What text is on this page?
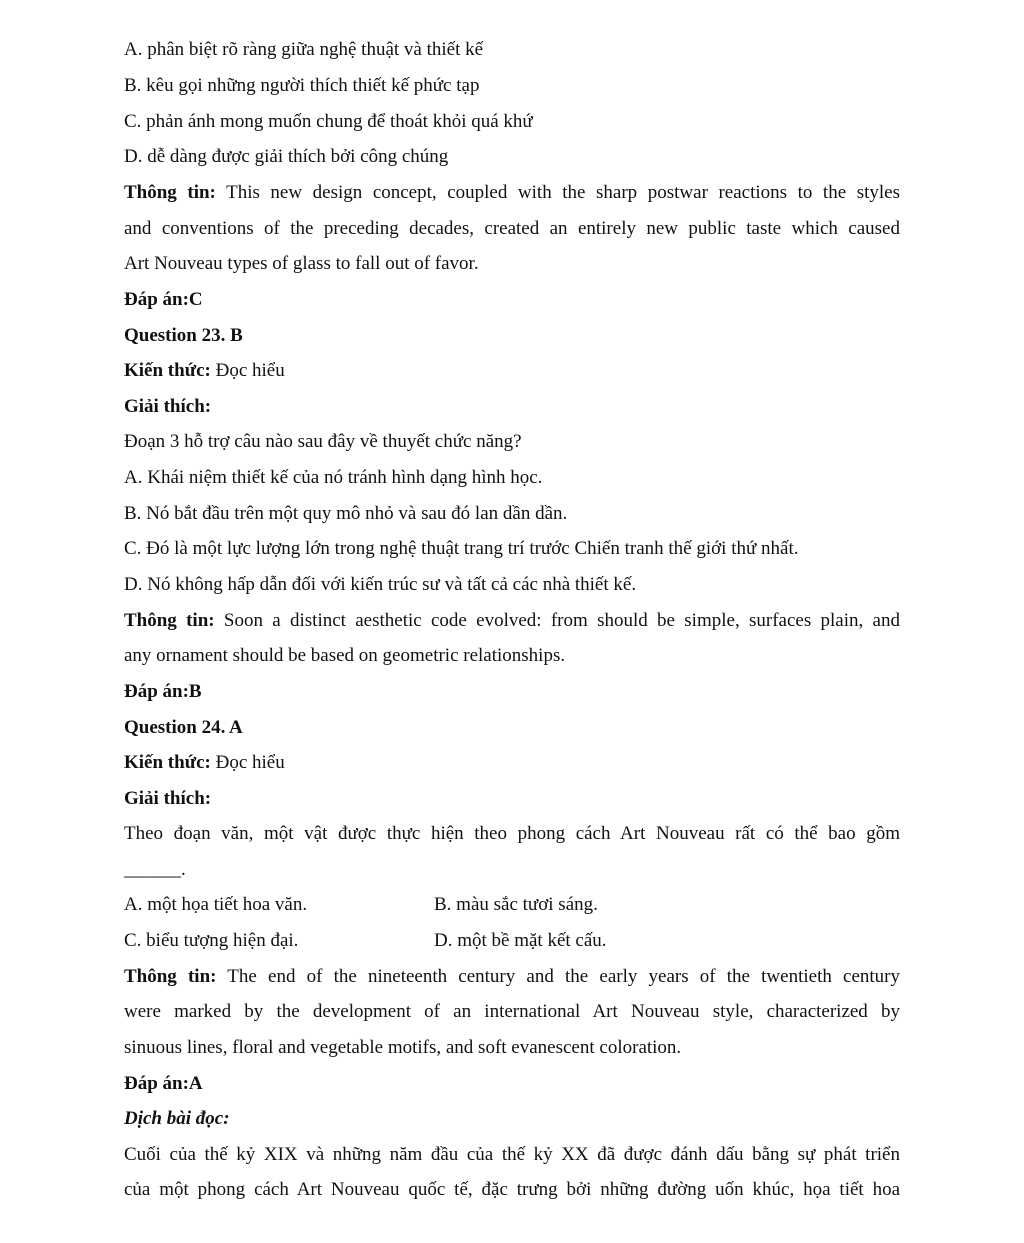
A. phân biệt rõ ràng giữa nghệ thuật và thiết kế
B. kêu gọi những người thích thiết kế phức tạp
C. phản ánh mong muốn chung để thoát khỏi quá khứ
D. dễ dàng được giải thích bởi công chúng
Thông tin: This new design concept, coupled with the sharp postwar reactions to the styles
and conventions of the preceding decades, created an entirely new public taste which caused
Art Nouveau types of glass to fall out of favor.
Đáp án:C
Question 23. B
Kiến thức: Đọc hiểu
Giải thích:
Đoạn 3 hỗ trợ câu nào sau đây về thuyết chức năng?
A. Khái niệm thiết kế của nó tránh hình dạng hình học.
B. Nó bắt đầu trên một quy mô nhỏ và sau đó lan dần dần.
C. Đó là một lực lượng lớn trong nghệ thuật trang trí trước Chiến tranh thế giới thứ nhất.
D. Nó không hấp dẫn đối với kiến trúc sư và tất cả các nhà thiết kế.
Thông tin: Soon a distinct aesthetic code evolved: from should be simple, surfaces plain, and
any ornament should be based on geometric relationships.
Đáp án:B
Question 24. A
Kiến thức: Đọc hiểu
Giải thích:
Theo đoạn văn, một vật được thực hiện theo phong cách Art Nouveau rất có thể bao gồm
______.
A. một họa tiết hoa văn.	B. màu sắc tươi sáng.
C. biểu tượng hiện đại.	D. một bề mặt kết cấu.
Thông tin: The end of the nineteenth century and the early years of the twentieth century
were marked by the development of an international Art Nouveau style, characterized by
sinuous lines, floral and vegetable motifs, and soft evanescent coloration.
Đáp án:A
Dịch bài đọc:
Cuối của thế kỷ XIX và những năm đầu của thế kỷ XX đã được đánh dấu bằng sự phát triển
của một phong cách Art Nouveau quốc tế, đặc trưng bởi những đường uốn khúc, họa tiết hoa
